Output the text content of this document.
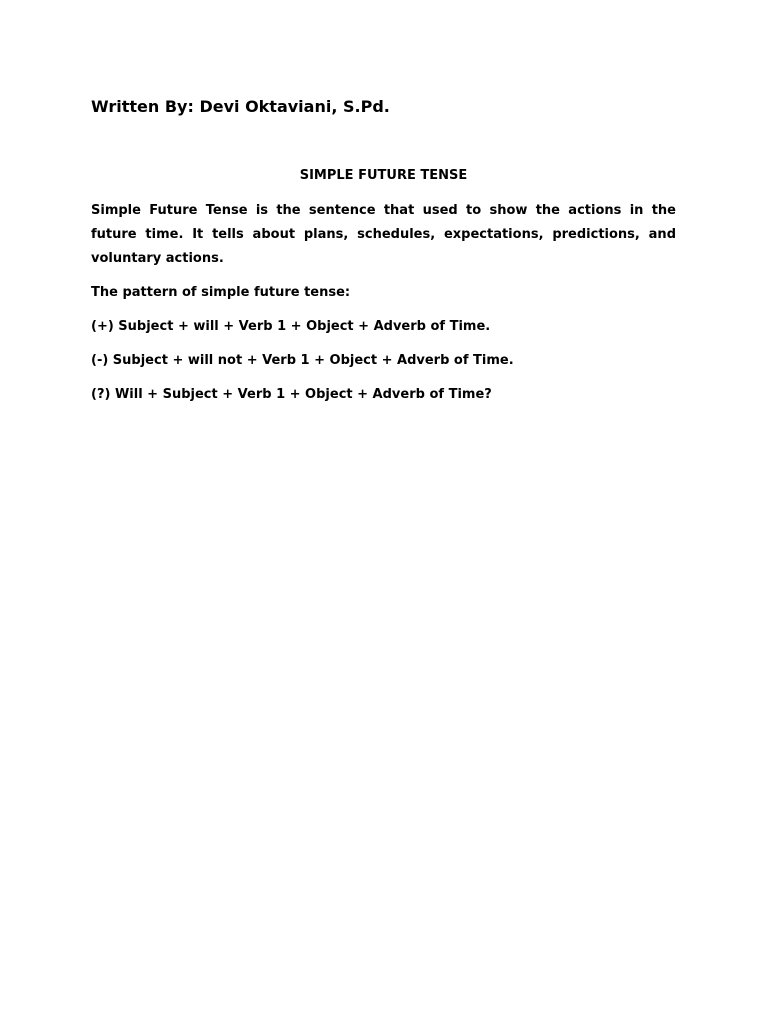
Written By: Devi Oktaviani, S.Pd.

SIMPLE FUTURE TENSE

Simple Future Tense is the sentence that used to show the actions in the future time. It tells about plans, schedules, expectations, predictions, and voluntary actions.

The pattern of simple future tense:

(+) Subject + will + Verb 1 + Object + Adverb of Time.

(-) Subject + will not + Verb 1 + Object + Adverb of Time.

(?) Will + Subject + Verb 1 + Object + Adverb of Time?
